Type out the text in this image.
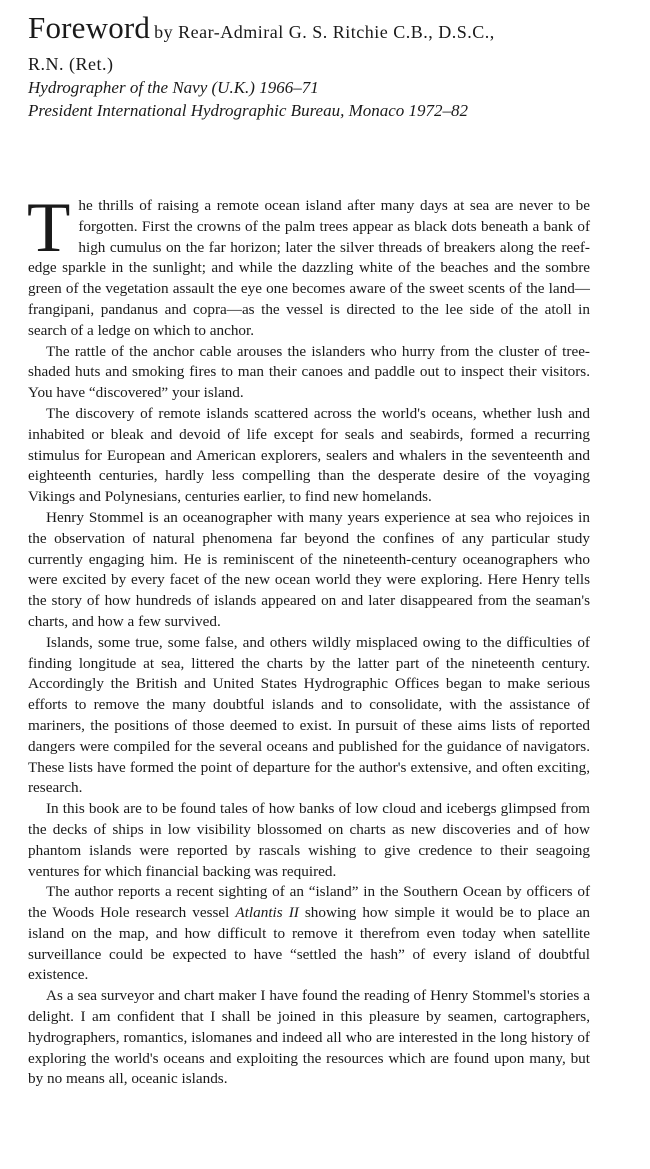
Foreword by Rear-Admiral G. S. Ritchie C.B., D.S.C.,

R.N. (Ret.)

Hydrographer of the Navy (U.K.) 1966–71

President International Hydrographic Bureau, Monaco 1972–82

The thrills of raising a remote ocean island after many days at sea are never to be forgotten. First the crowns of the palm trees appear as black dots beneath a bank of high cumulus on the far horizon; later the silver threads of breakers along the reef-edge sparkle in the sunlight; and while the dazzling white of the beaches and the sombre green of the vegetation assault the eye one becomes aware of the sweet scents of the land—frangipani, pandanus and copra—as the vessel is directed to the lee side of the atoll in search of a ledge on which to anchor.

The rattle of the anchor cable arouses the islanders who hurry from the cluster of tree-shaded huts and smoking fires to man their canoes and paddle out to inspect their visitors. You have “discovered” your island.

The discovery of remote islands scattered across the world's oceans, whether lush and inhabited or bleak and devoid of life except for seals and seabirds, formed a recurring stimulus for European and American explorers, sealers and whalers in the seventeenth and eighteenth centuries, hardly less compelling than the desperate desire of the voyaging Vikings and Polynesians, centuries earlier, to find new homelands.

Henry Stommel is an oceanographer with many years experience at sea who rejoices in the observation of natural phenomena far beyond the confines of any particular study currently engaging him. He is reminiscent of the nineteenth-century oceanographers who were excited by every facet of the new ocean world they were exploring. Here Henry tells the story of how hundreds of islands appeared on and later disappeared from the seaman's charts, and how a few survived.

Islands, some true, some false, and others wildly misplaced owing to the difficulties of finding longitude at sea, littered the charts by the latter part of the nineteenth century. Accordingly the British and United States Hydrographic Offices began to make serious efforts to remove the many doubtful islands and to consolidate, with the assistance of mariners, the positions of those deemed to exist. In pursuit of these aims lists of reported dangers were compiled for the several oceans and published for the guidance of navigators. These lists have formed the point of departure for the author's extensive, and often exciting, research.

In this book are to be found tales of how banks of low cloud and icebergs glimpsed from the decks of ships in low visibility blossomed on charts as new discoveries and of how phantom islands were reported by rascals wishing to give credence to their seagoing ventures for which financial backing was required.

The author reports a recent sighting of an “island” in the Southern Ocean by officers of the Woods Hole research vessel Atlantis II showing how simple it would be to place an island on the map, and how difficult to remove it therefrom even today when satellite surveillance could be expected to have “settled the hash” of every island of doubtful existence.

As a sea surveyor and chart maker I have found the reading of Henry Stommel's stories a delight. I am confident that I shall be joined in this pleasure by seamen, cartographers, hydrographers, romantics, islomanes and indeed all who are interested in the long history of exploring the world's oceans and exploiting the resources which are found upon many, but by no means all, oceanic islands.
